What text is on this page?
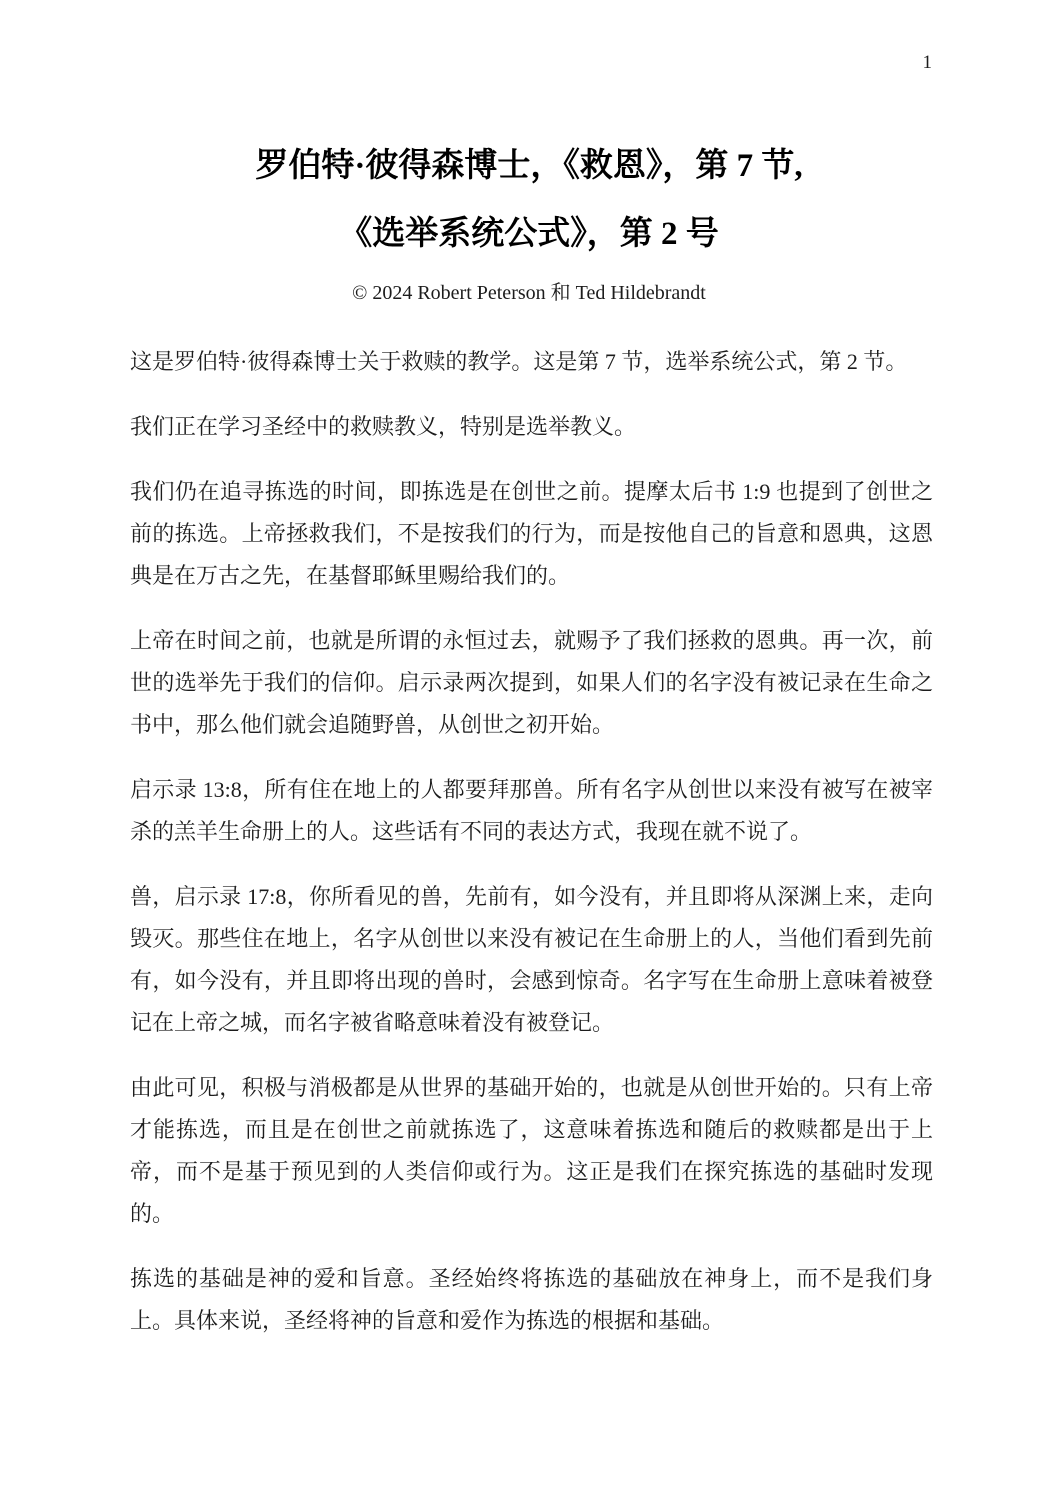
1
罗伯特·彼得森博士，《救恩》，第 7 节,
《选举系统公式》，第 2 号
© 2024 Robert Peterson 和 Ted Hildebrandt

这是罗伯特·彼得森博士关于救赎的教学。这是第 7 节，选举系统公式，第 2 节。

我们正在学习圣经中的救赎教义，特别是选举教义。

我们仍在追寻拣选的时间，即拣选是在创世之前。提摩太后书 1:9 也提到了创世之前的拣选。上帝拯救我们，不是按我们的行为，而是按他自己的旨意和恩典，这恩典是在万古之先，在基督耶稣里赐给我们的。

上帝在时间之前，也就是所谓的永恒过去，就赐予了我们拯救的恩典。再一次，前世的选举先于我们的信仰。启示录两次提到，如果人们的名字没有被记录在生命之书中，那么他们就会追随野兽，从创世之初开始。

启示录 13:8，所有住在地上的人都要拜那兽。所有名字从创世以来没有被写在被宰杀的羔羊生命册上的人。这些话有不同的表达方式，我现在就不说了。

兽，启示录 17:8，你所看见的兽，先前有，如今没有，并且即将从深渊上来，走向毁灭。那些住在地上，名字从创世以来没有被记在生命册上的人，当他们看到先前有，如今没有，并且即将出现的兽时，会感到惊奇。名字写在生命册上意味着被登记在上帝之城，而名字被省略意味着没有被登记。

由此可见，积极与消极都是从世界的基础开始的，也就是从创世开始的。只有上帝才能拣选，而且是在创世之前就拣选了，这意味着拣选和随后的救赎都是出于上帝，而不是基于预见到的人类信仰或行为。这正是我们在探究拣选的基础时发现的。

拣选的基础是神的爱和旨意。圣经始终将拣选的基础放在神身上，而不是我们身上。具体来说，圣经将神的旨意和爱作为拣选的根据和基础。
